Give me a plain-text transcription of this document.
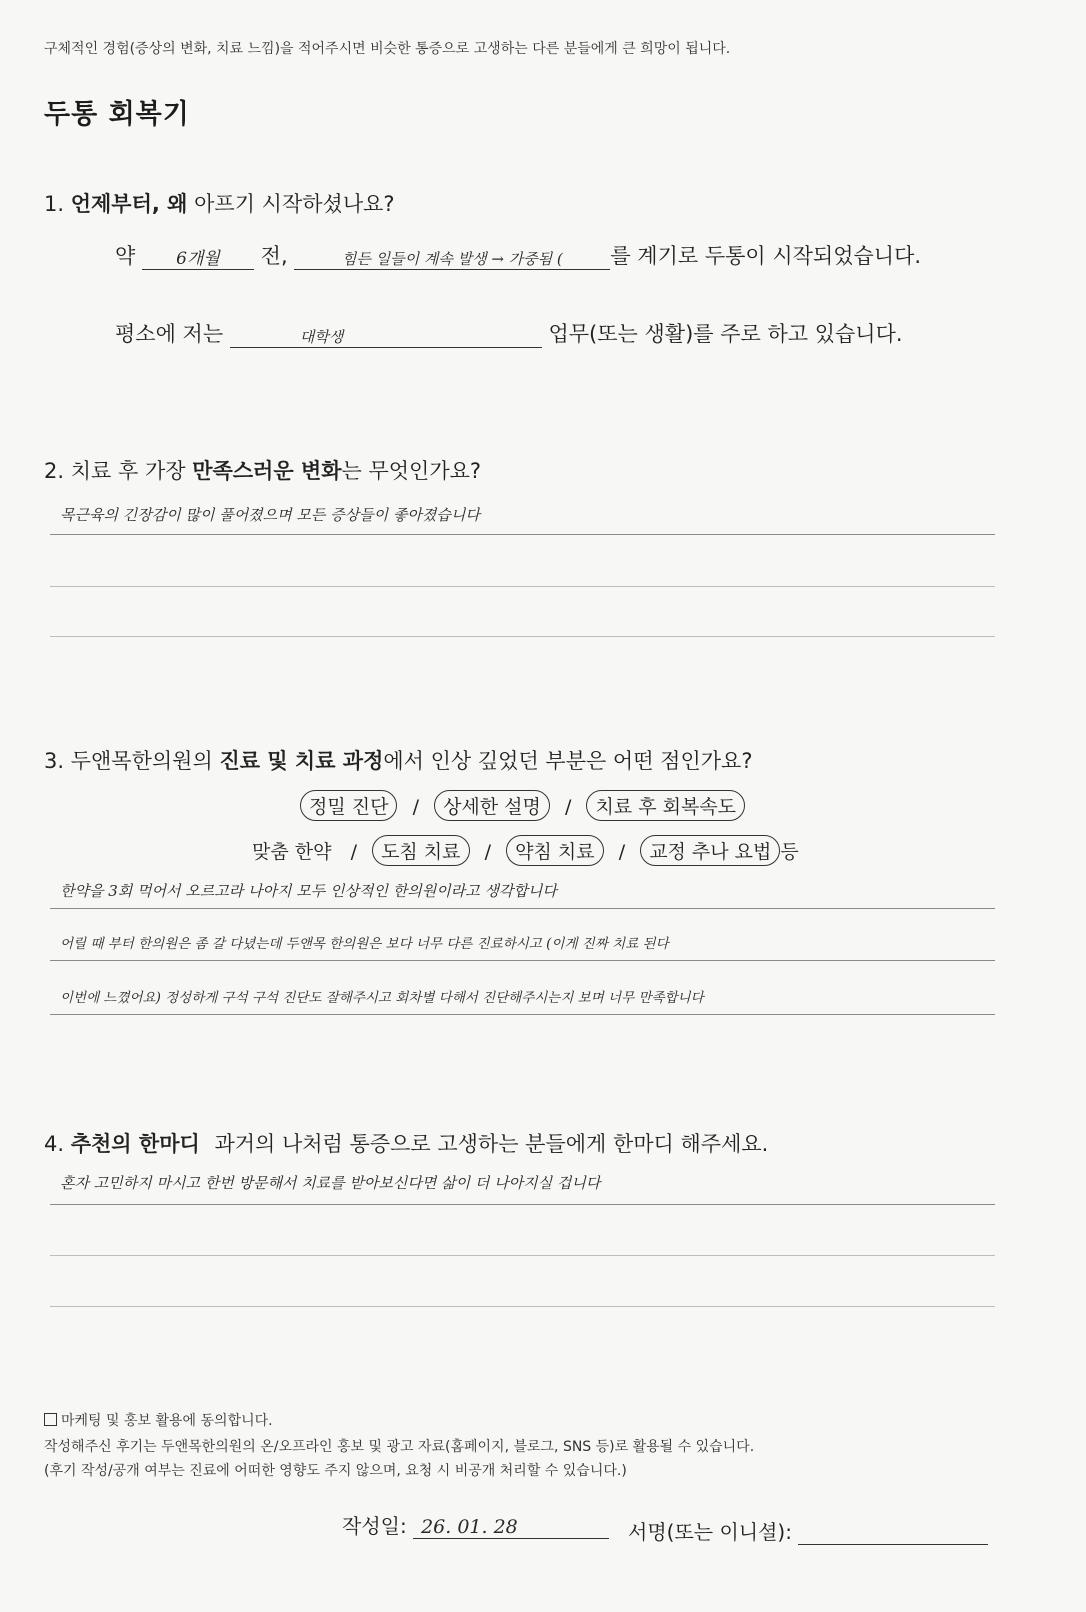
구체적인 경험(증상의 변화, 치료 느낌)을 적어주시면 비슷한 통증으로 고생하는 다른 분들에게 큰 희망이 됩니다.
두통 회복기
1. 언제부터, 왜 아프기 시작하셨나요?
약 6개월 전,	힘든 일들이 계속 발생 → 가중됨 ( 를 계기로 두통이 시작되었습니다.
평소에 저는	대학생	업무(또는 생활)를 주로 하고 있습니다.
2. 치료 후 가장 만족스러운 변화는 무엇인가요?
목근육의 긴장감이 많이 풀어졌으며 모든 증상들이 좋아졌습니다
3. 두앤목한의원의 진료 및 치료 과정에서 인상 깊었던 부분은 어떤 점인가요?
정밀 진단 / 상세한 설명 / 치료 후 회복속도
맞춤 한약 / 도침 치료 / 약침 치료 / 교정 추나 요법 등
한약을 3회 먹어서 오르고라 나아지 모두 인상적인 한의원이라고 생각합니다
어릴 때 부터 한의원은 좀 갈 다녔는데 두앤목 한의원은 보다 너무 다른 진료하시고 (이게 진짜 치료 된다
이번에 느꼈어요) 정성하게 구석 구석 진단도 잘해주시고 회차별 다해서 진단해주시는지 보며 너무 만족합니다
4. 추천의 한마디 과거의 나처럼 통증으로 고생하는 분들에게 한마디 해주세요.
혼자 고민하지 마시고 한번 방문해서 치료를 받아보신다면 삶이 더 나아지실 겁니다
마케팅 및 홍보 활용에 동의합니다.
작성해주신 후기는 두앤목한의원의 온/오프라인 홍보 및 광고 자료(홈페이지, 블로그, SNS 등)로 활용될 수 있습니다.
(후기 작성/공개 여부는 진료에 어떠한 영향도 주지 않으며, 요청 시 비공개 처리할 수 있습니다.)
작성일: 26. 01. 28	서명(또는 이니셜):
